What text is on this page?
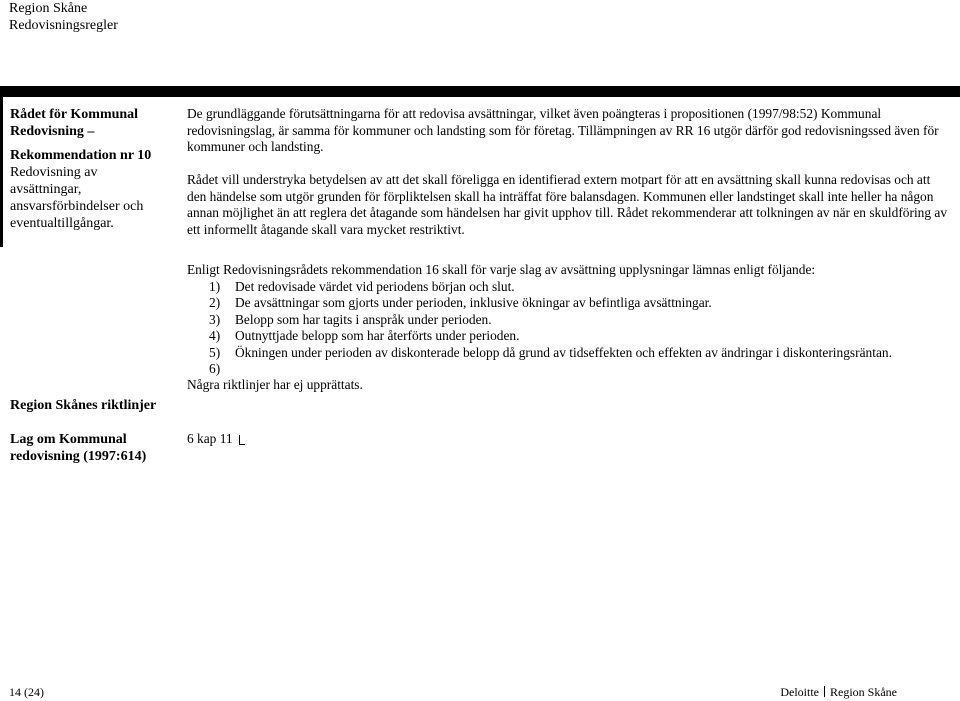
Region Skåne
Redovisningsregler
Rådet för Kommunal
Redovisning –
Rekommendation nr 10
Redovisning av
avsättningar,
ansvarsförbindelser och
eventualtillgångar.
Region Skånes riktlinjer
Lag om Kommunal
redovisning (1997:614)
De grundläggande förutsättningarna för att redovisa avsättningar, vilket även poängteras i propositionen (1997/98:52) Kommunal redovisningslag, är samma för kommuner och landsting som för företag. Tillämpningen av RR 16 utgör därför god redovisningssed även för kommuner och landsting.
Rådet vill understryka betydelsen av att det skall föreligga en identifierad extern motpart för att en avsättning skall kunna redovisas och att den händelse som utgör grunden för förpliktelsen skall ha inträffat före balansdagen. Kommunen eller landstinget skall inte heller ha någon annan möjlighet än att reglera det åtagande som händelsen har givit upphov till. Rådet rekommenderar att tolkningen av när en skuldföring av ett informellt åtagande skall vara mycket restriktivt.

Enligt Redovisningsrådets rekommendation 16 skall för varje slag av avsättning upplysningar lämnas enligt följande:

1) Det redovisade värdet vid periodens början och slut.
2) De avsättningar som gjorts under perioden, inklusive ökningar av befintliga avsättningar.
3) Belopp som har tagits i anspråk under perioden.
4) Outnyttjade belopp som har återförts under perioden.
5) Ökningen under perioden av diskonterade belopp då grund av tidseffekten och effekten av ändringar i diskonteringsräntan.
6)

Några riktlinjer har ej upprättats.

6 kap 11
14 (24)	Deloitte Region Skåne
